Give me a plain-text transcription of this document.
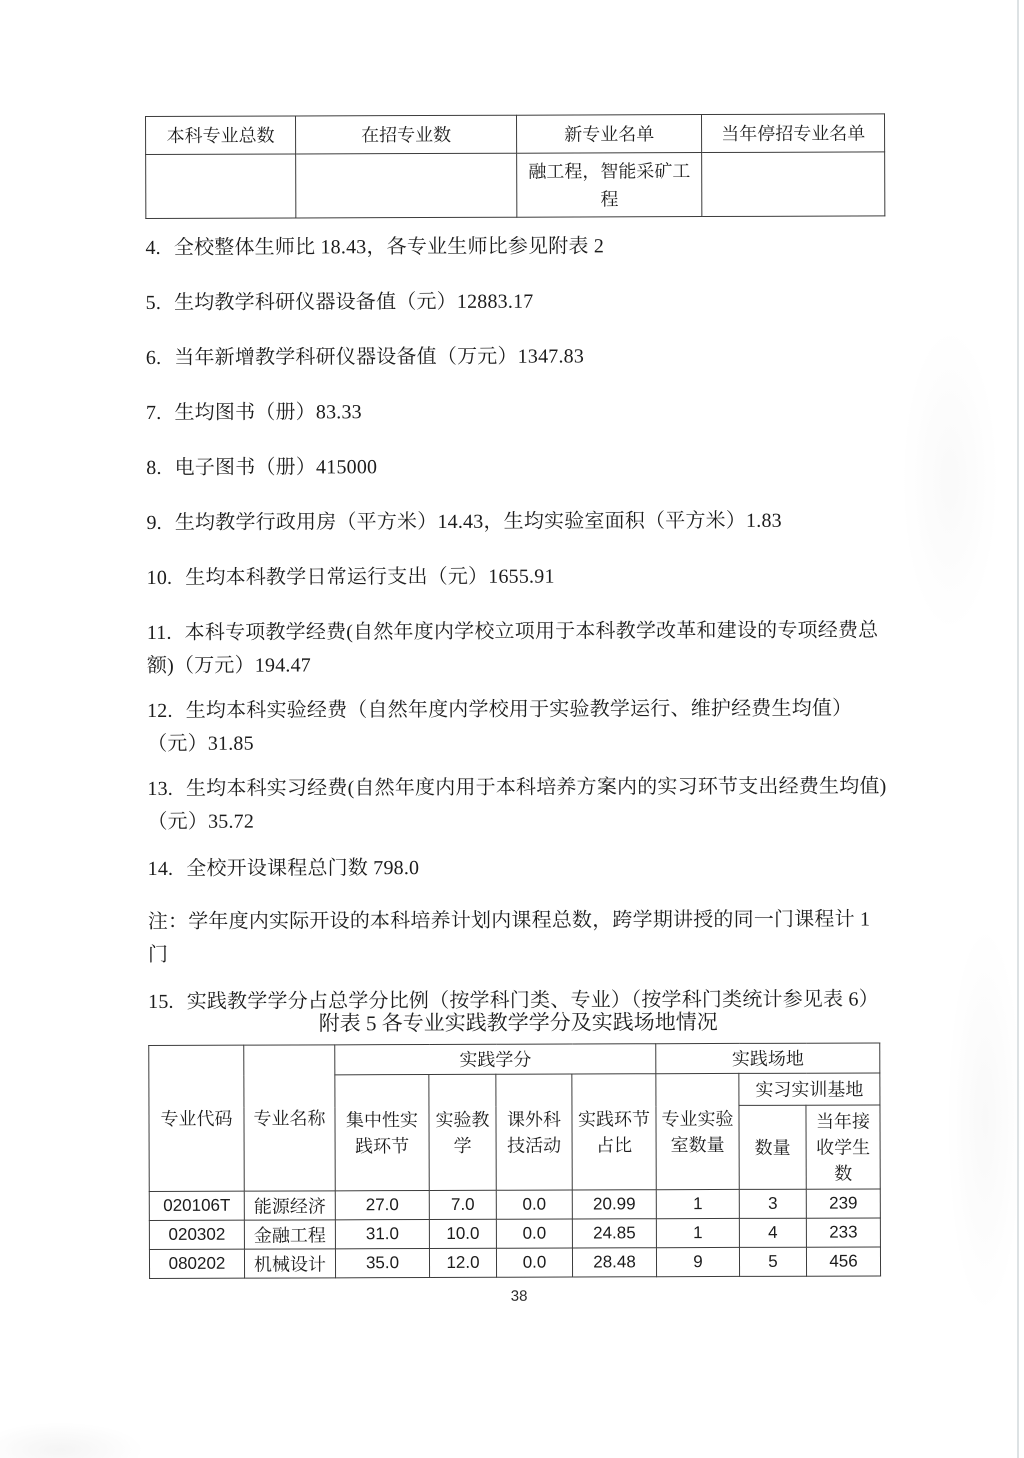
本科专业总数	在招专业数	新专业名单	当年停招专业名单
		融工程，智能采矿工程	

4. 全校整体生师比 18.43，各专业生师比参见附表 2

5. 生均教学科研仪器设备值（元）12883.17

6. 当年新增教学科研仪器设备值（万元）1347.83

7. 生均图书（册）83.33

8. 电子图书（册）415000

9. 生均教学行政用房（平方米）14.43，生均实验室面积（平方米）1.83

10. 生均本科教学日常运行支出（元）1655.91

11. 本科专项教学经费(自然年度内学校立项用于本科教学改革和建设的专项经费总额)（万元）194.47

12. 生均本科实验经费（自然年度内学校用于实验教学运行、维护经费生均值）（元）31.85

13. 生均本科实习经费(自然年度内用于本科培养方案内的实习环节支出经费生均值)（元）35.72

14. 全校开设课程总门数 798.0

注：学年度内实际开设的本科培养计划内课程总数，跨学期讲授的同一门课程计 1 门

15. 实践教学学分占总学分比例（按学科门类、专业）（按学科门类统计参见表 6）

附表 5 各专业实践教学学分及实践场地情况
专业代码	专业名称	实践学分				实践场地		
		集中性实践环节	实验教学	课外科技活动	实践环节占比	专业实验室数量	实习实训基地	
							数量	当年接收学生数
020106T	能源经济	27.0	7.0	0.0	20.99	1	3	239
020302	金融工程	31.0	10.0	0.0	24.85	1	4	233
080202	机械设计	35.0	12.0	0.0	28.48	9	5	456
38
